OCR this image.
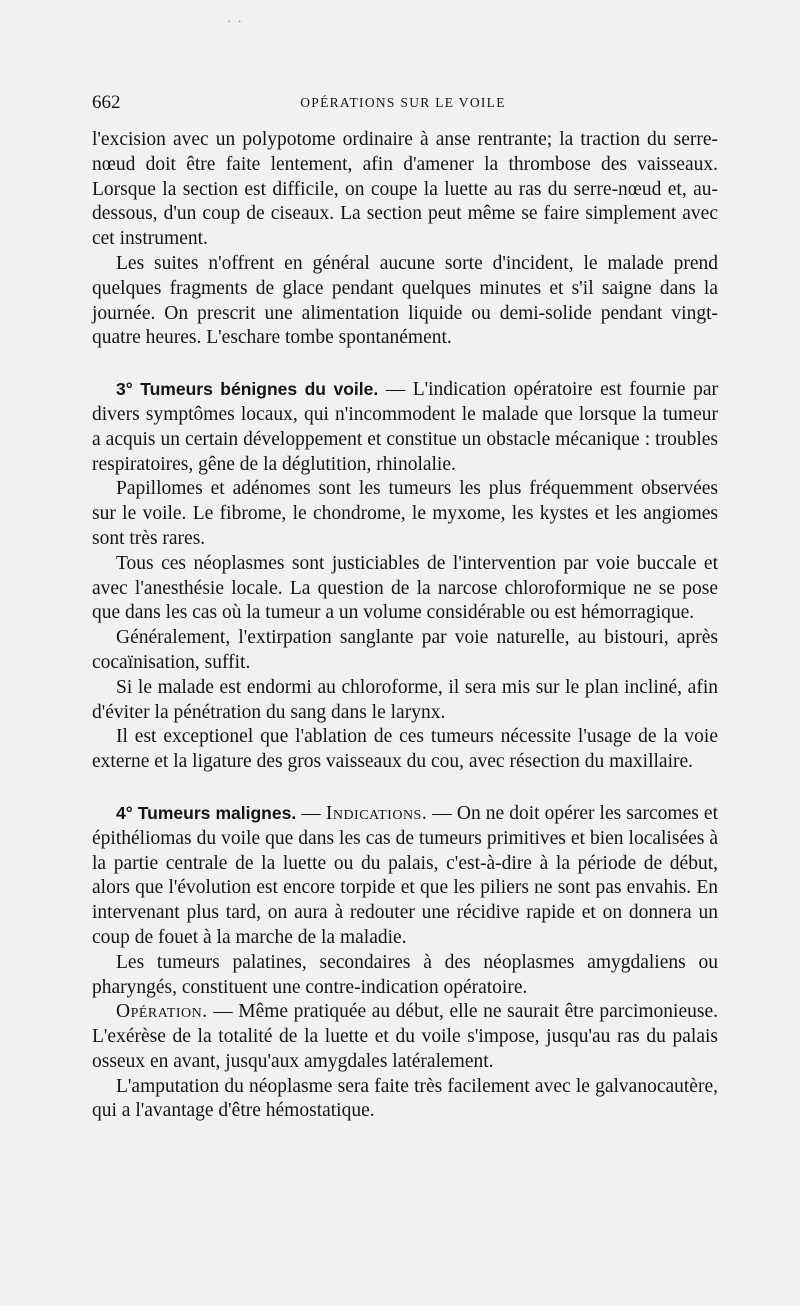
..
662	OPÉRATIONS SUR LE VOILE

l'excision avec un polypotome ordinaire à anse rentrante; la traction du serre-nœud doit être faite lentement, afin d'amener la thrombose des vaisseaux. Lorsque la section est difficile, on coupe la luette au ras du serre-nœud et, au-dessous, d'un coup de ciseaux. La section peut même se faire simplement avec cet instrument.

Les suites n'offrent en général aucune sorte d'incident, le malade prend quelques fragments de glace pendant quelques minutes et s'il saigne dans la journée. On prescrit une alimentation liquide ou demi-solide pendant vingt-quatre heures. L'eschare tombe spontanément.

3° Tumeurs bénignes du voile. — L'indication opératoire est fournie par divers symptômes locaux, qui n'incommodent le malade que lorsque la tumeur a acquis un certain développement et constitue un obstacle mécanique : troubles respiratoires, gêne de la déglutition, rhinolalie.

Papillomes et adénomes sont les tumeurs les plus fréquemment observées sur le voile. Le fibrome, le chondrome, le myxome, les kystes et les angiomes sont très rares.

Tous ces néoplasmes sont justiciables de l'intervention par voie buccale et avec l'anesthésie locale. La question de la narcose chloroformique ne se pose que dans les cas où la tumeur a un volume considérable ou est hémorragique.

Généralement, l'extirpation sanglante par voie naturelle, au bistouri, après cocaïnisation, suffit.

Si le malade est endormi au chloroforme, il sera mis sur le plan incliné, afin d'éviter la pénétration du sang dans le larynx.

Il est exceptionel que l'ablation de ces tumeurs nécessite l'usage de la voie externe et la ligature des gros vaisseaux du cou, avec résection du maxillaire.

4° Tumeurs malignes. — Indications. — On ne doit opérer les sarcomes et épithéliomas du voile que dans les cas de tumeurs primitives et bien localisées à la partie centrale de la luette ou du palais, c'est-à-dire à la période de début, alors que l'évolution est encore torpide et que les piliers ne sont pas envahis. En intervenant plus tard, on aura à redouter une récidive rapide et on donnera un coup de fouet à la marche de la maladie.

Les tumeurs palatines, secondaires à des néoplasmes amygdaliens ou pharyngés, constituent une contre-indication opératoire.

Opération. — Même pratiquée au début, elle ne saurait être parcimonieuse. L'exérèse de la totalité de la luette et du voile s'impose, jusqu'au ras du palais osseux en avant, jusqu'aux amygdales latéralement.

L'amputation du néoplasme sera faite très facilement avec le galvanocautère, qui a l'avantage d'être hémostatique.
